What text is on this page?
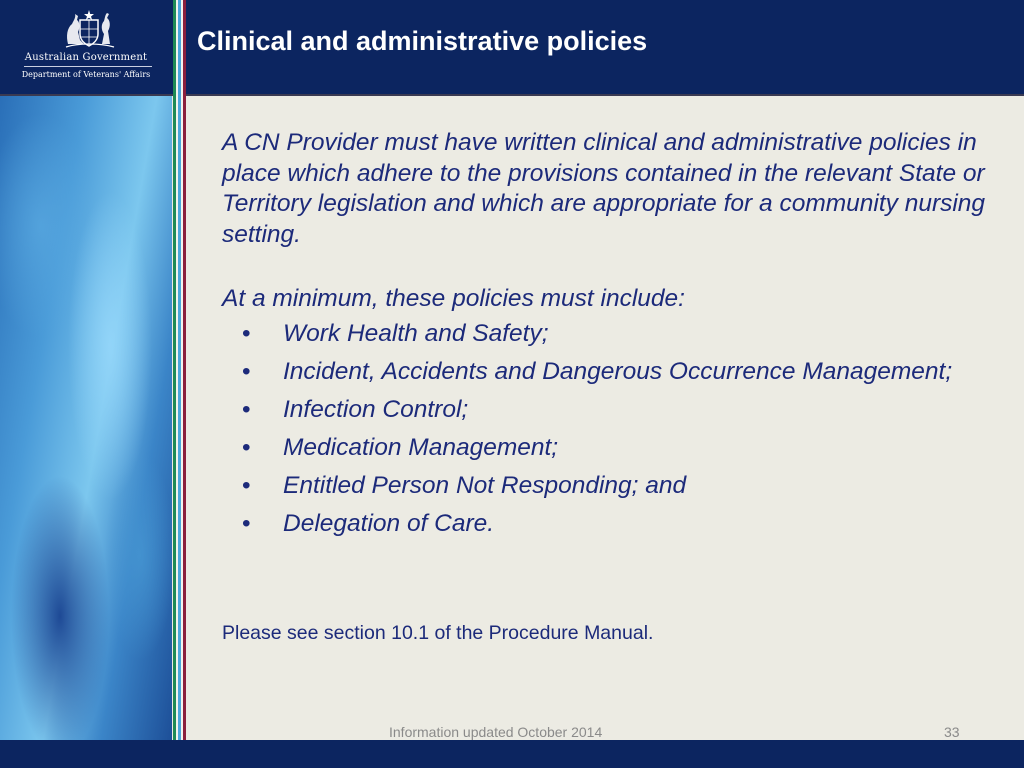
Australian Government
Department of Veterans' Affairs
Clinical and administrative policies

A CN Provider must have written clinical and administrative policies in place which adhere to the provisions contained in the relevant State or Territory legislation and which are appropriate for a community nursing setting.

At a minimum, these policies must include:

• Work Health and Safety;
• Incident, Accidents and Dangerous Occurrence Management;
• Infection Control;
• Medication Management;
• Entitled Person Not Responding; and
• Delegation of Care.

Please see section 10.1 of the Procedure Manual.

Information updated October 2014	33
